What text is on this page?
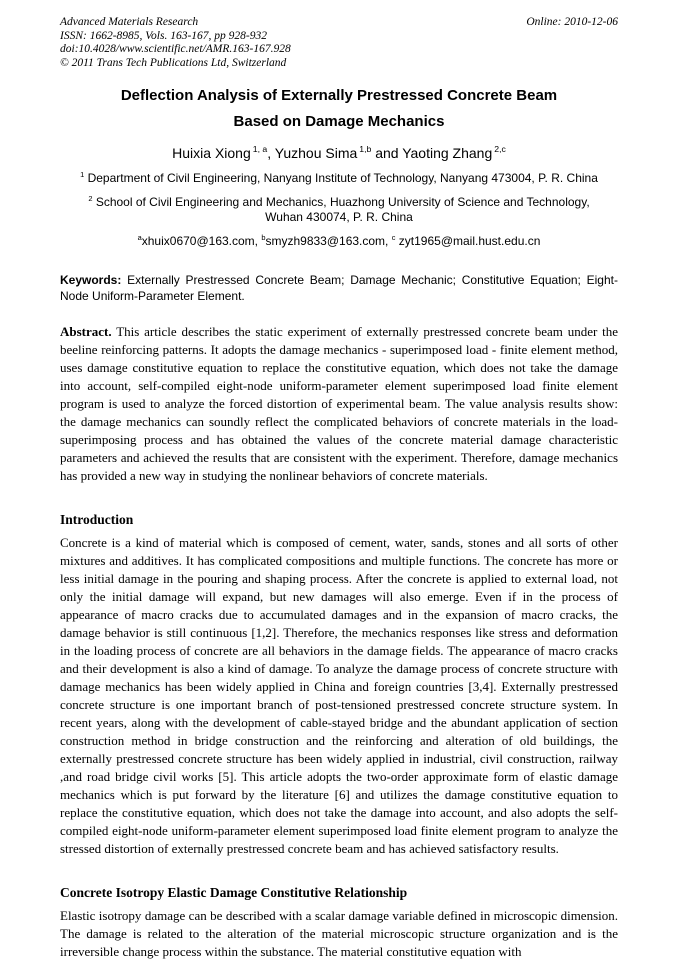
Advanced Materials Research
ISSN: 1662-8985, Vols. 163-167, pp 928-932
doi:10.4028/www.scientific.net/AMR.163-167.928
© 2011 Trans Tech Publications Ltd, Switzerland
Online: 2010-12-06
Deflection Analysis of Externally Prestressed Concrete Beam
Based on Damage Mechanics
Huixia Xiong $^{1, a}$, Yuzhou Sima $^{1,b}$ and Yaoting Zhang $^{2,c}$
$^1$ Department of Civil Engineering, Nanyang Institute of Technology, Nanyang 473004, P. R. China
$^2$ School of Civil Engineering and Mechanics, Huazhong University of Science and Technology,
Wuhan 430074, P. R. China
$^a$xhuix0670@163.com, $^b$smyzh9833@163.com, $^c$ zyt1965@mail.hust.edu.cn

Keywords: Externally Prestressed Concrete Beam; Damage Mechanic; Constitutive Equation; Eight-Node Uniform-Parameter Element.

Abstract. This article describes the static experiment of externally prestressed concrete beam under the beeline reinforcing patterns. It adopts the damage mechanics - superimposed load - finite element method, uses damage constitutive equation to replace the constitutive equation, which does not take the damage into account, self-compiled eight-node uniform-parameter element superimposed load finite element program is used to analyze the forced distortion of experimental beam. The value analysis results show: the damage mechanics can soundly reflect the complicated behaviors of concrete materials in the load-superimposing process and has obtained the values of the concrete material damage characteristic parameters and achieved the results that are consistent with the experiment. Therefore, damage mechanics has provided a new way in studying the nonlinear behaviors of concrete materials.

Introduction

Concrete is a kind of material which is composed of cement, water, sands, stones and all sorts of other mixtures and additives. It has complicated compositions and multiple functions. The concrete has more or less initial damage in the pouring and shaping process. After the concrete is applied to external load, not only the initial damage will expand, but new damages will also emerge. Even if in the process of appearance of macro cracks due to accumulated damages and in the expansion of macro cracks, the damage behavior is still continuous [1,2]. Therefore, the mechanics responses like stress and deformation in the loading process of concrete are all behaviors in the damage fields. The appearance of macro cracks and their development is also a kind of damage. To analyze the damage process of concrete structure with damage mechanics has been widely applied in China and foreign countries [3,4]. Externally prestressed concrete structure is one important branch of post-tensioned prestressed concrete structure system. In recent years, along with the development of cable-stayed bridge and the abundant application of section construction method in bridge construction and the reinforcing and alteration of old buildings, the externally prestressed concrete structure has been widely applied in industrial, civil construction, railway ,and road bridge civil works [5]. This article adopts the two-order approximate form of elastic damage mechanics which is put forward by the literature [6] and utilizes the damage constitutive equation to replace the constitutive equation, which does not take the damage into account, and also adopts the self-compiled eight-node uniform-parameter element superimposed load finite element program to analyze the stressed distortion of externally prestressed concrete beam and has achieved satisfactory results.

Concrete Isotropy Elastic Damage Constitutive Relationship

Elastic isotropy damage can be described with a scalar damage variable defined in microscopic dimension. The damage is related to the alteration of the material microscopic structure organization and is the irreversible change process within the substance. The material constitutive equation with
